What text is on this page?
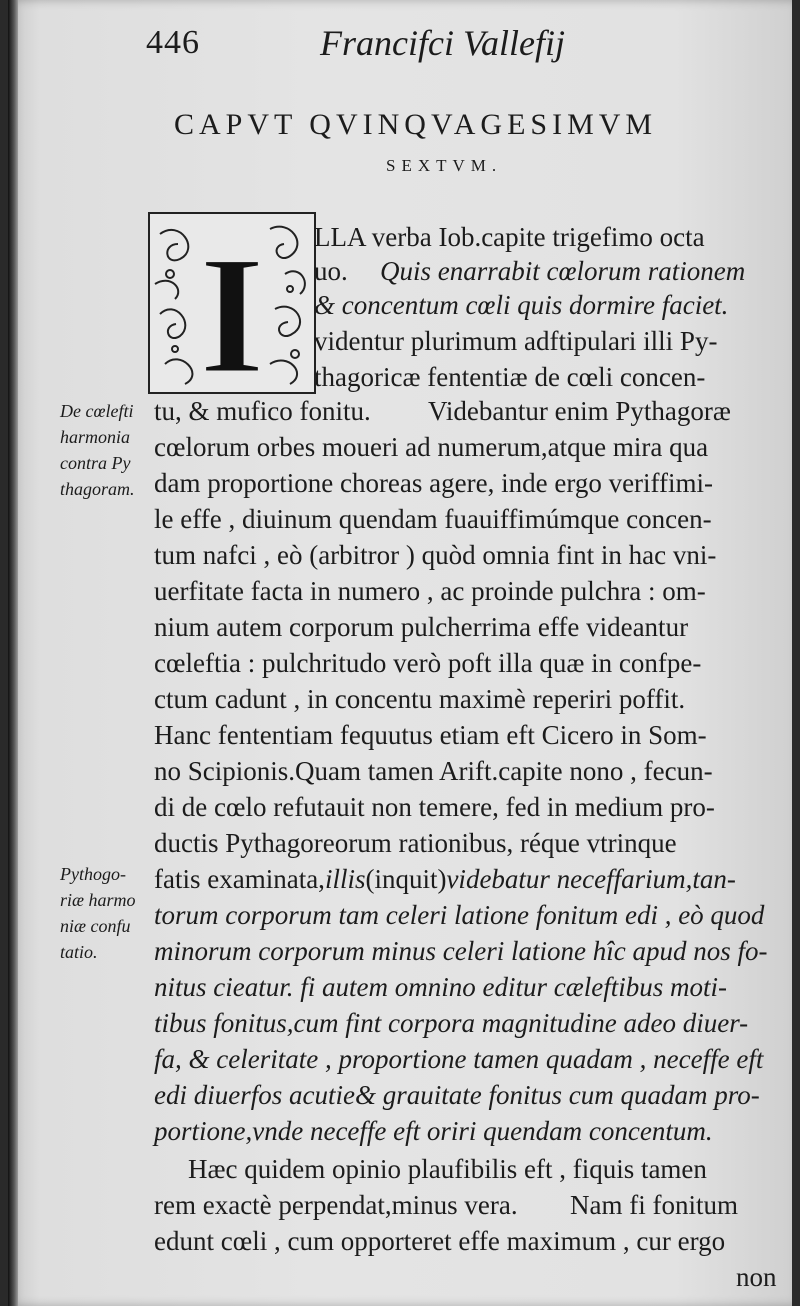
446	Francifci Vallefij
CAPVT QVINQVAGESIMVM
SEXTVM.
I
De cœlefti
harmonia
contra Py
thagoram.
Pythogo-
riæ harmo
niæ confu
tatio.
LLA verba Iob.capite trigefimo octa
uo. Quis enarrabit cœlorum rationem
& concentum cœli quis dormire faciet.
videntur plurimum adftipulari illi Py-
thagoricæ fententiæ de cœli concen-
tu, & mufico fonitu. Videbantur enim Pythagoræ
cœlorum orbes moueri ad numerum,atque mira qua
dam proportione choreas agere, inde ergo veriffimi-
le effe , diuinum quendam fuauiffimúmque concen-
tum nafci , eò (arbitror ) quòd omnia fint in hac vni-
uerfitate facta in numero , ac proinde pulchra : om-
nium autem corporum pulcherrima effe videantur
cœleftia : pulchritudo verò poft illa quæ in confpe-
ctum cadunt , in concentu maximè reperiri poffit.
Hanc fententiam fequutus etiam eft Cicero in Som-
no Scipionis.Quam tamen Arift.capite nono , fecun-
di de cœlo refutauit non temere, fed in medium pro-
ductis Pythagoreorum rationibus, réque vtrinque
fatis examinata,illis(inquit)videbatur neceffarium,tan-
torum corporum tam celeri latione fonitum edi , eò quod
minorum corporum minus celeri latione hîc apud nos fo-
nitus cieatur. fi autem omnino editur cæleftibus moti-
tibus fonitus,cum fint corpora magnitudine adeo diuer-
fa, & celeritate , proportione tamen quadam , neceffe eft
edi diuerfos acutie& grauitate fonitus cum quadam pro-
portione,vnde neceffe eft oriri quendam concentum.
Hæc quidem opinio plaufibilis eft , fiquis tamen
rem exactè perpendat,minus vera. Nam fi fonitum
edunt cœli , cum opporteret effe maximum , cur ergo
non
